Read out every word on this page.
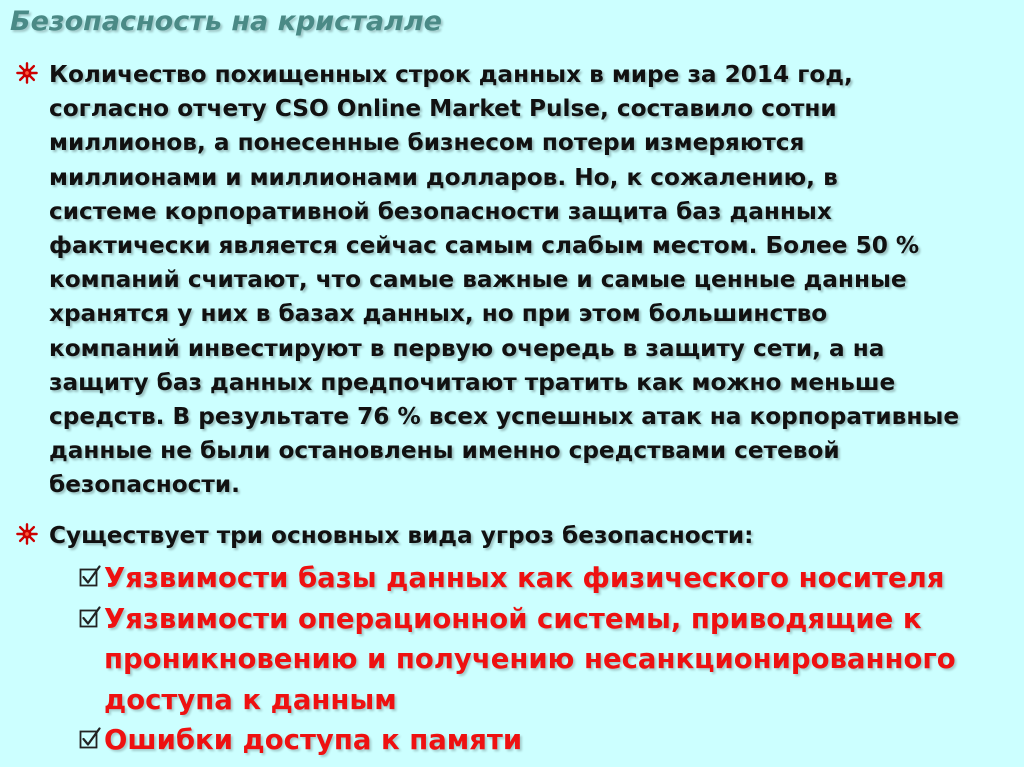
Безопасность на кристалле
Количество похищенных строк данных в мире за 2014 год,
согласно отчету CSO Online Market Pulse, составило сотни
миллионов, а понесенные бизнесом потери измеряются
миллионами и миллионами долларов. Но, к сожалению, в
системе корпоративной безопасности защита баз данных
фактически является сейчас самым слабым местом. Более 50 %
компаний считают, что самые важные и самые ценные данные
хранятся у них в базах данных, но при этом большинство
компаний инвестируют в первую очередь в защиту сети, а на
защиту баз данных предпочитают тратить как можно меньше
средств. В результате 76 % всех успешных атак на корпоративные
данные не были остановлены именно средствами сетевой
безопасности.
Существует три основных вида угроз безопасности:
Уязвимости базы данных как физического носителя
Уязвимости операционной системы, приводящие к
проникновению и получению несанкционированного
доступа к данным
Ошибки доступа к памяти
